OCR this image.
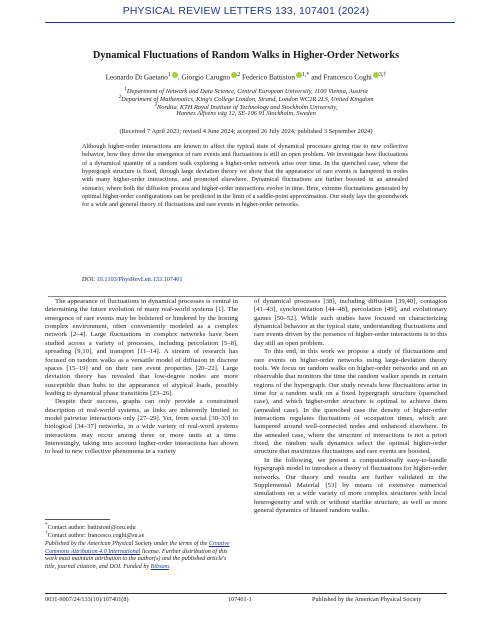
PHYSICAL REVIEW LETTERS 133, 107401 (2024)
Dynamical Fluctuations of Random Walks in Higher-Order Networks
Leonardo Di Gaetano$^1$ , Giorgio Carugno $^2$ Federico Battiston $^{1,*}$ and Francesco Coghi $^{3,\dagger}$
$^1$Department of Network and Data Science, Central European University, 1100 Vienna, Austria
$^2$Department of Mathematics, King's College London, Strand, London WC2R 2LS, United Kingdom
$^3$Nordita, KTH Royal Institute of Technology and Stockholm University,
Hannes Alfvéns väg 12, SE-106 91 Stockholm, Sweden
(Received 7 April 2023; revised 4 June 2024; accepted 26 July 2024; published 3 September 2024)
Although higher-order interactions are known to affect the typical state of dynamical processes giving rise to new collective behavior, how they drive the emergence of rare events and fluctuations is still an open problem. We investigate how fluctuations of a dynamical quantity of a random walk exploring a higher-order network arise over time. In the quenched case, where the hypergraph structure is fixed, through large deviation theory we show that the appearance of rare events is hampered in nodes with many higher-order interactions, and promoted elsewhere. Dynamical fluctuations are further boosted in an annealed scenario, where both the diffusion process and higher-order interactions evolve in time. Here, extreme fluctuations generated by optimal higher-order configurations can be predicted in the limit of a saddle-point approximation. Our study lays the groundwork for a wide and general theory of fluctuations and rare events in higher-order networks.
DOI: 10.1103/PhysRevLett.133.107401

The appearance of fluctuations in dynamical processes is central in determining the future evolution of many real-world systems [1]. The emergence of rare events may be bolstered or hindered by the hosting complex environment, often conveniently modeled as a complex network [2–4]. Large fluctuations in complex networks have been studied across a variety of processes, including percolation [5–8], spreading [9,10], and transport [11–14]. A stream of research has focused on random walks as a versatile model of diffusion in discrete spaces [15–19] and on their rare event properties [20–22]. Large deviation theory has revealed that low-degree nodes are more susceptible than hubs to the appearance of atypical loads, possibly leading to dynamical phase transitions [23–26].

Despite their success, graphs can only provide a constrained description of real-world systems, as links are inherently limited to model pairwise interactions only [27–29]. Yet, from social [30–33] to biological [34–37] networks, in a wide variety of real-word systems interactions may occur among three or more units at a time. Interestingly, taking into account higher-order interactions has shown to lead to new collective phenomena in a variety

of dynamical processes [38], including diffusion [39,40], contagion [41–43], synchronization [44–48], percolation [49], and evolutionary games [50–52]. While such studies have focused on characterizing dynamical behavior at the typical state, understanding fluctuations and rare events driven by the presence of higher-order interactions is to this day still an open problem.

To this end, in this work we propose a study of fluctuations and rare events on higher-order networks using large-deviation theory tools. We focus on random walks on higher-order networks and on an observable that monitors the time the random walker spends in certain regions of the hypergraph. Our study reveals how fluctuations arise in time for a random walk on a fixed hypergraph structure (quenched case), and which higher-order structure is optimal to achieve them (annealed case). In the quenched case the density of higher-order interactions regulates fluctuations of occupation times, which are hampered around well-connected nodes and enhanced elsewhere. In the annealed case, where the structure of interactions is not a priori fixed, the random walk dynamics select the optimal higher-order structure that maximizes fluctuations and rare events are boosted.

In the following, we present a computationally easy-to-handle hypergraph model to introduce a theory of fluctuations for higher-order networks. Our theory and results are further validated in the Supplemental Material [53] by means of extensive numerical simulations on a wide variety of more complex structures with local heterogeneity and with or without starlike structure, as well as more general dynamics of biased random walks.

*Contact author: battistonf@ceu.edu
†Contact author: francesco.coghi@su.se
Published by the American Physical Society under the terms of the Creative Commons Attribution 4.0 International license. Further distribution of this work must maintain attribution to the author(s) and the published article's title, journal citation, and DOI. Funded by Bibsam.
0031-9007/24/133(10)/107401(8)	107401-1	Published by the American Physical Society
